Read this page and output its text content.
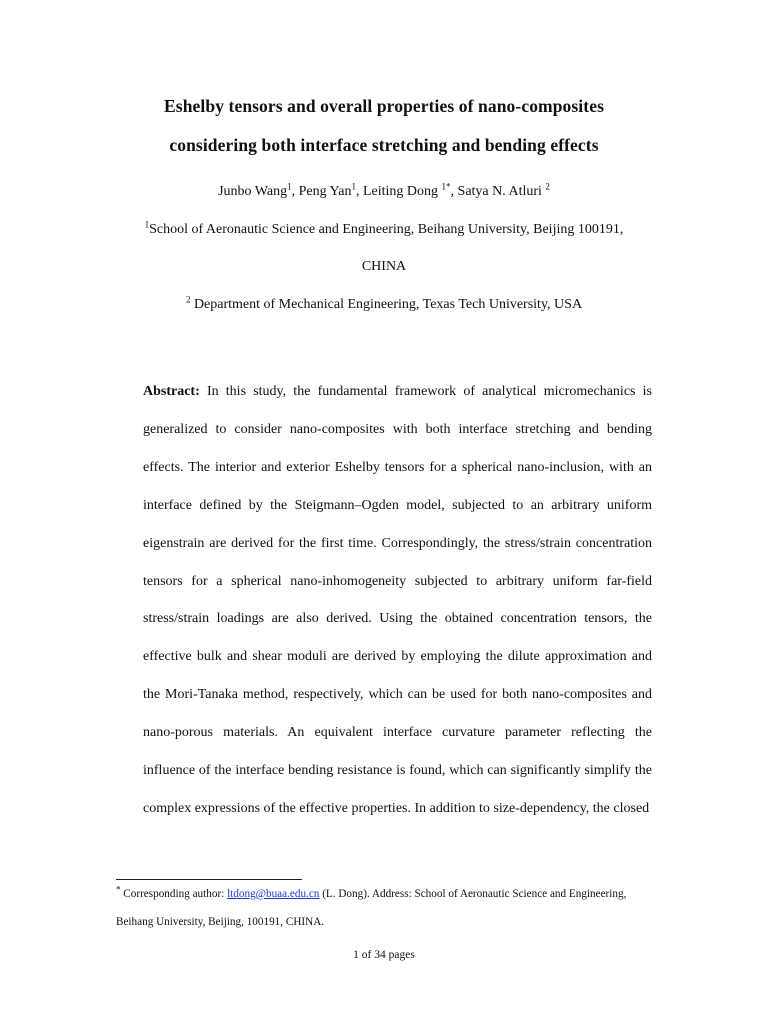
Eshelby tensors and overall properties of nano-composites
considering both interface stretching and bending effects
Junbo Wang$^1$, Peng Yan$^1$, Leiting Dong $^{1*}$, Satya N. Atluri $^2$
$^1$School of Aeronautic Science and Engineering, Beihang University, Beijing 100191,
CHINA
$^2$ Department of Mechanical Engineering, Texas Tech University, USA
Abstract: In this study, the fundamental framework of analytical micromechanics is generalized to consider nano-composites with both interface stretching and bending effects. The interior and exterior Eshelby tensors for a spherical nano-inclusion, with an interface defined by the Steigmann–Ogden model, subjected to an arbitrary uniform eigenstrain are derived for the first time. Correspondingly, the stress/strain concentration tensors for a spherical nano-inhomogeneity subjected to arbitrary uniform far-field stress/strain loadings are also derived. Using the obtained concentration tensors, the effective bulk and shear moduli are derived by employing the dilute approximation and the Mori-Tanaka method, respectively, which can be used for both nano-composites and nano-porous materials. An equivalent interface curvature parameter reflecting the influence of the interface bending resistance is found, which can significantly simplify the complex expressions of the effective properties. In addition to size-dependency, the closed
* Corresponding author: ltdong@buaa.edu.cn (L. Dong). Address: School of Aeronautic Science and Engineering,
Beihang University, Beijing, 100191, CHINA.
1 of 34 pages
